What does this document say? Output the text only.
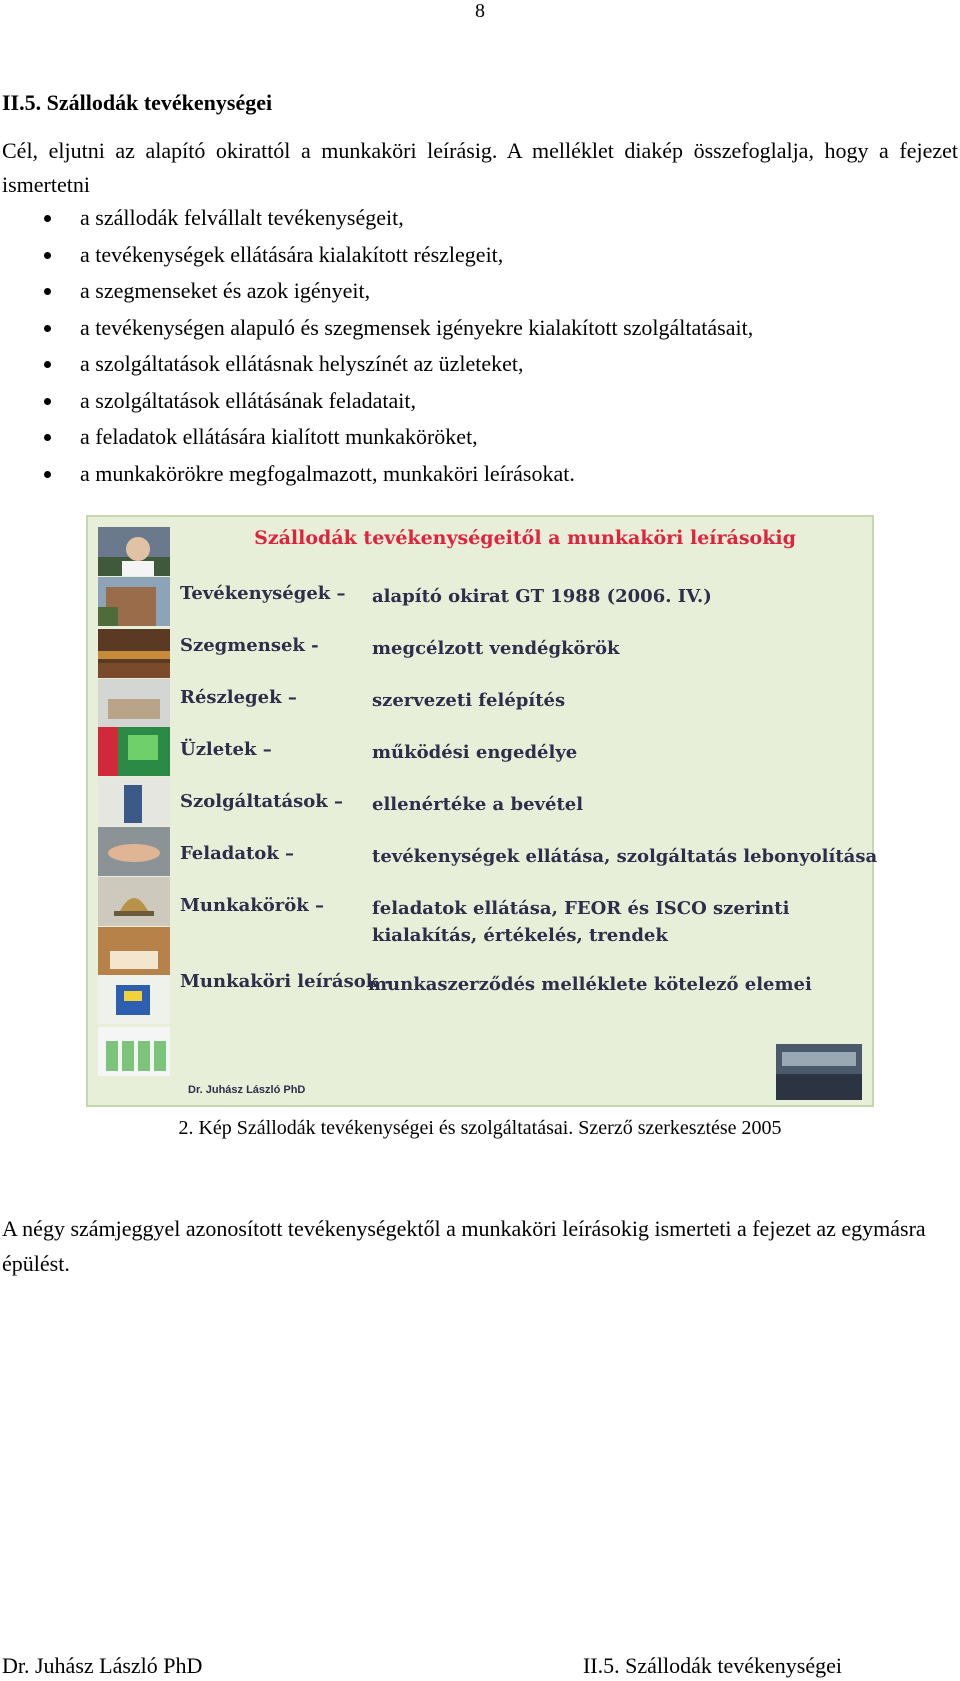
8
II.5. Szállodák tevékenységei
Cél, eljutni az alapító okirattól a munkaköri leírásig. A melléklet diakép összefoglalja, hogy a fejezet ismertetni
a szállodák felvállalt tevékenységeit,
a tevékenységek ellátására kialakított részlegeit,
a szegmenseket és azok igényeit,
a tevékenységen alapuló és szegmensek igényekre kialakított szolgáltatásait,
a szolgáltatások ellátásnak helyszínét az üzleteket,
a szolgáltatások ellátásának feladatait,
a feladatok ellátására kialított munkaköröket,
a munkakörökre megfogalmazott, munkaköri leírásokat.
Szállodák tevékenységeitől a munkaköri leírásokig
Tevékenységek – alapító okirat GT 1988 (2006. IV.)
Szegmensek -	megcélzott vendégkörök
Részlegek –	szervezeti felépítés
Üzletek –	működési engedélye
Szolgáltatások – ellenértéke a bevétel
Feladatok –	tevékenységek ellátása, szolgáltatás lebonyolítása
Munkakörök –	feladatok ellátása, FEOR és ISCO szerinti
kialakítás, értékelés, trendek
Munkaköri leírások -
munkaszerződés melléklete kötelező elemei
Dr. Juhász László PhD
2. Kép Szállodák tevékenységei és szolgáltatásai. Szerző szerkesztése 2005
A négy számjeggyel azonosított tevékenységektől a munkaköri leírásokig ismerteti a fejezet az egymásra épülést.
Dr. Juhász László PhD	II.5. Szállodák tevékenységei
